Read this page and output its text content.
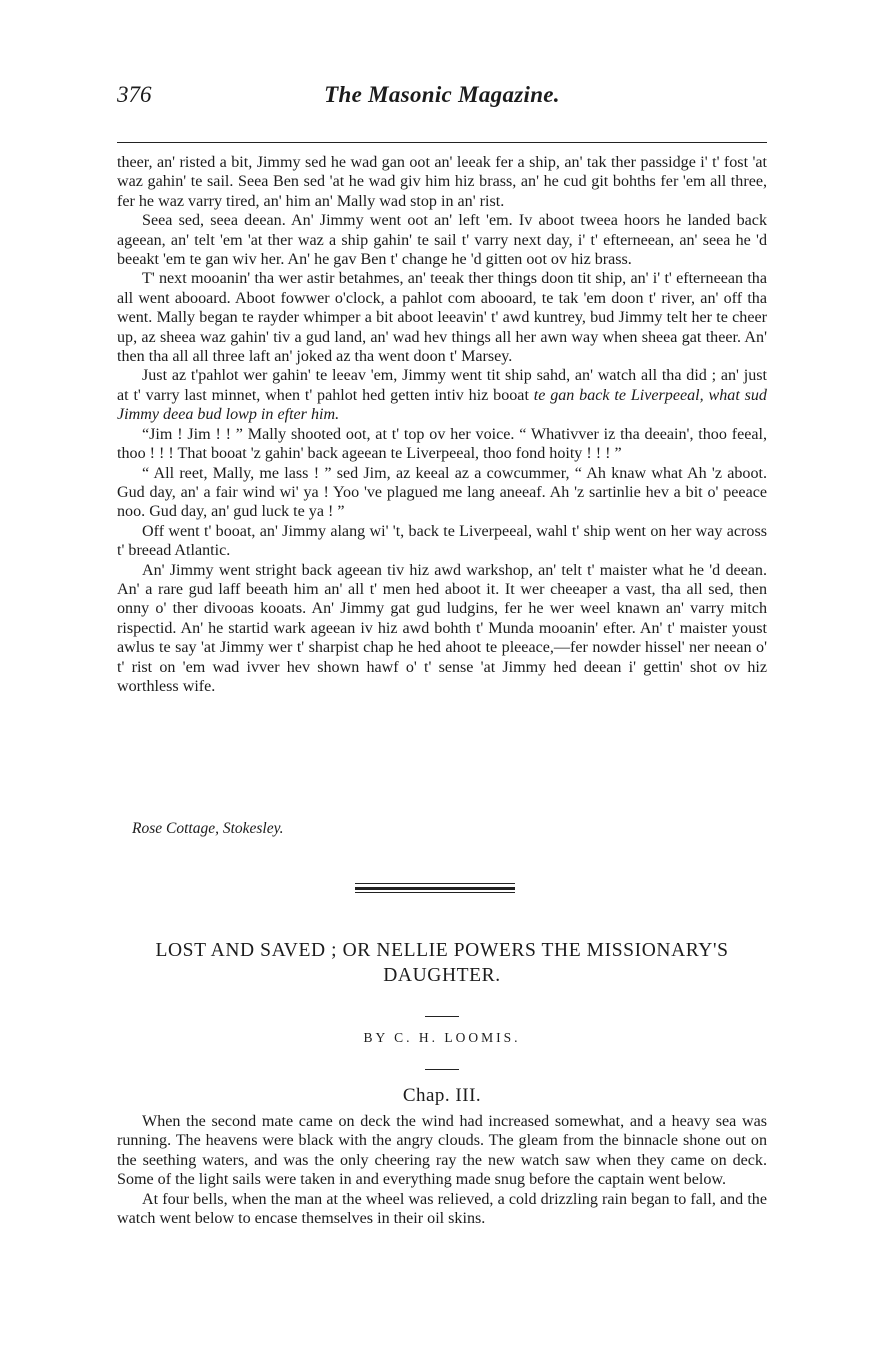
376	The Masonic Magazine.

theer, an' risted a bit, Jimmy sed he wad gan oot an' leeak fer a ship, an' tak ther passidge i' t' fost 'at waz gahin' te sail. Seea Ben sed 'at he wad giv him hiz brass, an' he cud git bohths fer 'em all three, fer he waz varry tired, an' him an' Mally wad stop in an' rist.

Seea sed, seea deean. An' Jimmy went oot an' left 'em. Iv aboot tweea hoors he landed back ageean, an' telt 'em 'at ther waz a ship gahin' te sail t' varry next day, i' t' efterneean, an' seea he 'd beeakt 'em te gan wiv her. An' he gav Ben t' change he 'd gitten oot ov hiz brass.

T' next mooanin' tha wer astir betahmes, an' teeak ther things doon tit ship, an' i' t' efterneean tha all went abooard. Aboot fowwer o'clock, a pahlot com abooard, te tak 'em doon t' river, an' off tha went. Mally began te rayder whimper a bit aboot leeavin' t' awd kuntrey, bud Jimmy telt her te cheer up, az sheea waz gahin' tiv a gud land, an' wad hev things all her awn way when sheea gat theer. An' then tha all all three laft an' joked az tha went doon t' Marsey.

Just az t'pahlot wer gahin' te leeav 'em, Jimmy went tit ship sahd, an' watch all tha did ; an' just at t' varry last minnet, when t' pahlot hed getten intiv hiz booat te gan back te Liverpeeal, what sud Jimmy deea bud lowp in efter him.

“Jim ! Jim ! ! ” Mally shooted oot, at t' top ov her voice. “ Whativver iz tha deeain', thoo feeal, thoo ! ! ! That booat 'z gahin' back ageean te Liverpeeal, thoo fond hoity ! ! ! ”

“ All reet, Mally, me lass ! ” sed Jim, az keeal az a cowcummer, “ Ah knaw what Ah 'z aboot. Gud day, an' a fair wind wi' ya ! Yoo 've plagued me lang aneeaf. Ah 'z sartinlie hev a bit o' peeace noo. Gud day, an' gud luck te ya ! ”

Off went t' booat, an' Jimmy alang wi' 't, back te Liverpeeal, wahl t' ship went on her way across t' breead Atlantic.

An' Jimmy went stright back ageean tiv hiz awd warkshop, an' telt t' maister what he 'd deean. An' a rare gud laff beeath him an' all t' men hed aboot it. It wer cheeaper a vast, tha all sed, then onny o' ther divooas kooats. An' Jimmy gat gud ludgins, fer he wer weel knawn an' varry mitch rispectid. An' he startid wark ageean iv hiz awd bohth t' Munda mooanin' efter. An' t' maister youst awlus te say 'at Jimmy wer t' sharpist chap he hed ahoot te pleeace,—fer nowder hissel' ner neean o' t' rist on 'em wad ivver hev shown hawf o' t' sense 'at Jimmy hed deean i' gettin' shot ov hiz worthless wife.

Rose Cottage, Stokesley.
LOST AND SAVED ; OR NELLIE POWERS THE MISSIONARY'S DAUGHTER.
BY C. H. LOOMIS.
Chap. III.

When the second mate came on deck the wind had increased somewhat, and a heavy sea was running. The heavens were black with the angry clouds. The gleam from the binnacle shone out on the seething waters, and was the only cheering ray the new watch saw when they came on deck. Some of the light sails were taken in and everything made snug before the captain went below.

At four bells, when the man at the wheel was relieved, a cold drizzling rain began to fall, and the watch went below to encase themselves in their oil skins.
